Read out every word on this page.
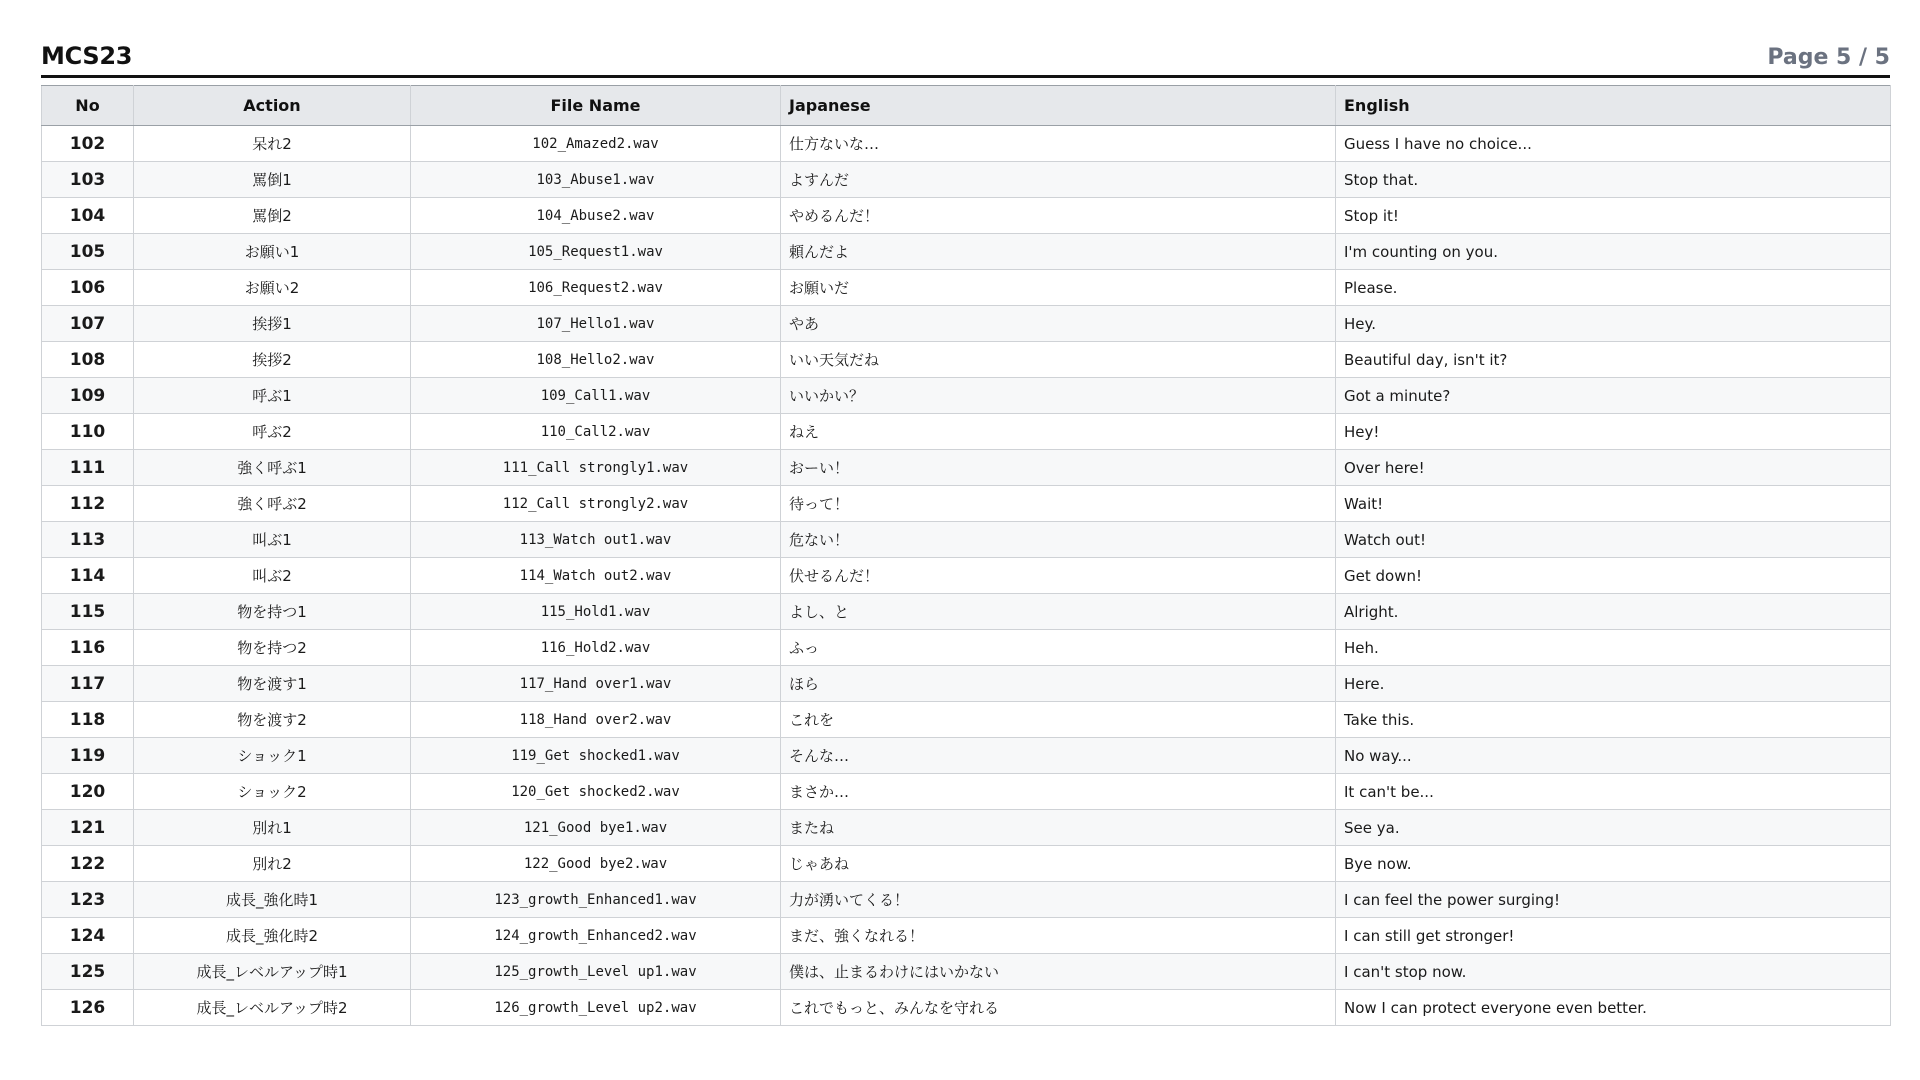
MCS23	Page 5 / 5
No	Action	File Name	Japanese	English
102	呆れ2	102_Amazed2.wav	仕方ないな…	Guess I have no choice...
103	罵倒1	103_Abuse1.wav	よすんだ	Stop that.
104	罵倒2	104_Abuse2.wav	やめるんだ！	Stop it!
105	お願い1	105_Request1.wav	頼んだよ	I'm counting on you.
106	お願い2	106_Request2.wav	お願いだ	Please.
107	挨拶1	107_Hello1.wav	やあ	Hey.
108	挨拶2	108_Hello2.wav	いい天気だね	Beautiful day, isn't it?
109	呼ぶ1	109_Call1.wav	いいかい？	Got a minute?
110	呼ぶ2	110_Call2.wav	ねえ	Hey!
111	強く呼ぶ1	111_Call strongly1.wav	おーい！	Over here!
112	強く呼ぶ2	112_Call strongly2.wav	待って！	Wait!
113	叫ぶ1	113_Watch out1.wav	危ない！	Watch out!
114	叫ぶ2	114_Watch out2.wav	伏せるんだ！	Get down!
115	物を持つ1	115_Hold1.wav	よし、と	Alright.
116	物を持つ2	116_Hold2.wav	ふっ	Heh.
117	物を渡す1	117_Hand over1.wav	ほら	Here.
118	物を渡す2	118_Hand over2.wav	これを	Take this.
119	ショック1	119_Get shocked1.wav	そんな…	No way...
120	ショック2	120_Get shocked2.wav	まさか…	It can't be...
121	別れ1	121_Good bye1.wav	またね	See ya.
122	別れ2	122_Good bye2.wav	じゃあね	Bye now.
123	成長_強化時1	123_growth_Enhanced1.wav	力が湧いてくる！	I can feel the power surging!
124	成長_強化時2	124_growth_Enhanced2.wav	まだ、強くなれる！	I can still get stronger!
125	成長_レベルアップ時1	125_growth_Level up1.wav	僕は、止まるわけにはいかない	I can't stop now.
126	成長_レベルアップ時2	126_growth_Level up2.wav	これでもっと、みんなを守れる	Now I can protect everyone even better.
